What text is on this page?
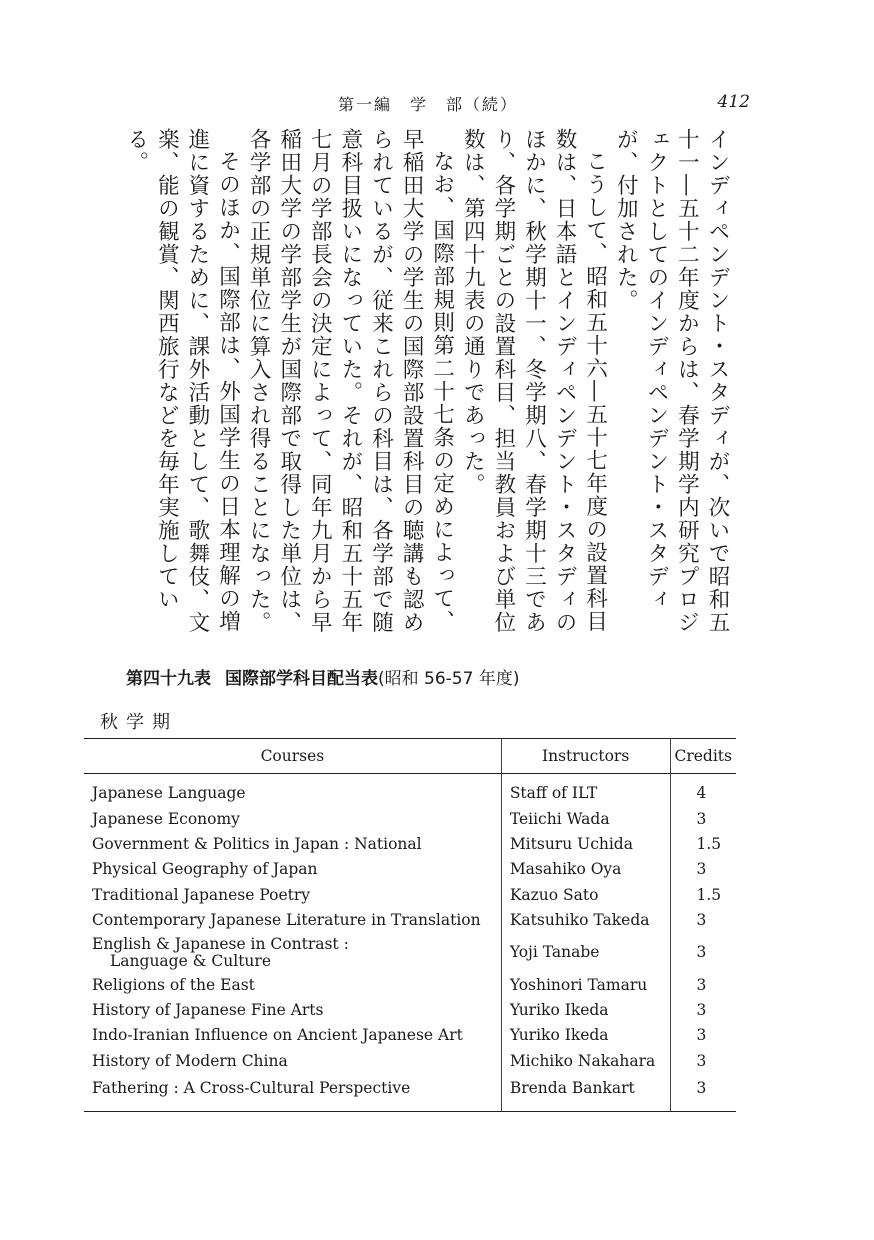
第一編　学　部（続）	412

インディペンデント・スタディが、次いで昭和五十一―五十二年度からは、春学期学内研究プロジェクトとしてのインディペンデント・スタディが、付加された。

こうして、昭和五十六―五十七年度の設置科目数は、日本語とインディペンデント・スタディのほかに、秋学期十一、冬学期八、春学期十三であり、各学期ごとの設置科目、担当教員および単位数は、第四十九表の通りであった。

なお、国際部規則第二十七条の定めによって、早稲田大学の学生の国際部設置科目の聴講も認められているが、従来これらの科目は、各学部で随意科目扱いになっていた。それが、昭和五十五年七月の学部長会の決定によって、同年九月から早稲田大学の学部学生が国際部で取得した単位は、各学部の正規単位に算入され得ることになった。

そのほか、国際部は、外国学生の日本理解の増進に資するために、課外活動として、歌舞伎、文楽、能の観賞、関西旅行などを毎年実施している。

第四十九表 国際部学科目配当表(昭和 56-57 年度)
秋学期
Courses	Instructors	Credits
Japanese Language	Staff of ILT	4
Japanese Economy	Teiichi Wada	3
Government & Politics in Japan : National	Mitsuru Uchida	1.5
Physical Geography of Japan	Masahiko Oya	3
Traditional Japanese Poetry	Kazuo Sato	1.5
Contemporary Japanese Literature in Translation	Katsuhiko Takeda	3
English & Japanese in Contrast :
Language & Culture	Yoji Tanabe	3
Religions of the East	Yoshinori Tamaru	3
History of Japanese Fine Arts	Yuriko Ikeda	3
Indo-Iranian Influence on Ancient Japanese Art	Yuriko Ikeda	3
History of Modern China	Michiko Nakahara	3
Fathering : A Cross-Cultural Perspective	Brenda Bankart	3
